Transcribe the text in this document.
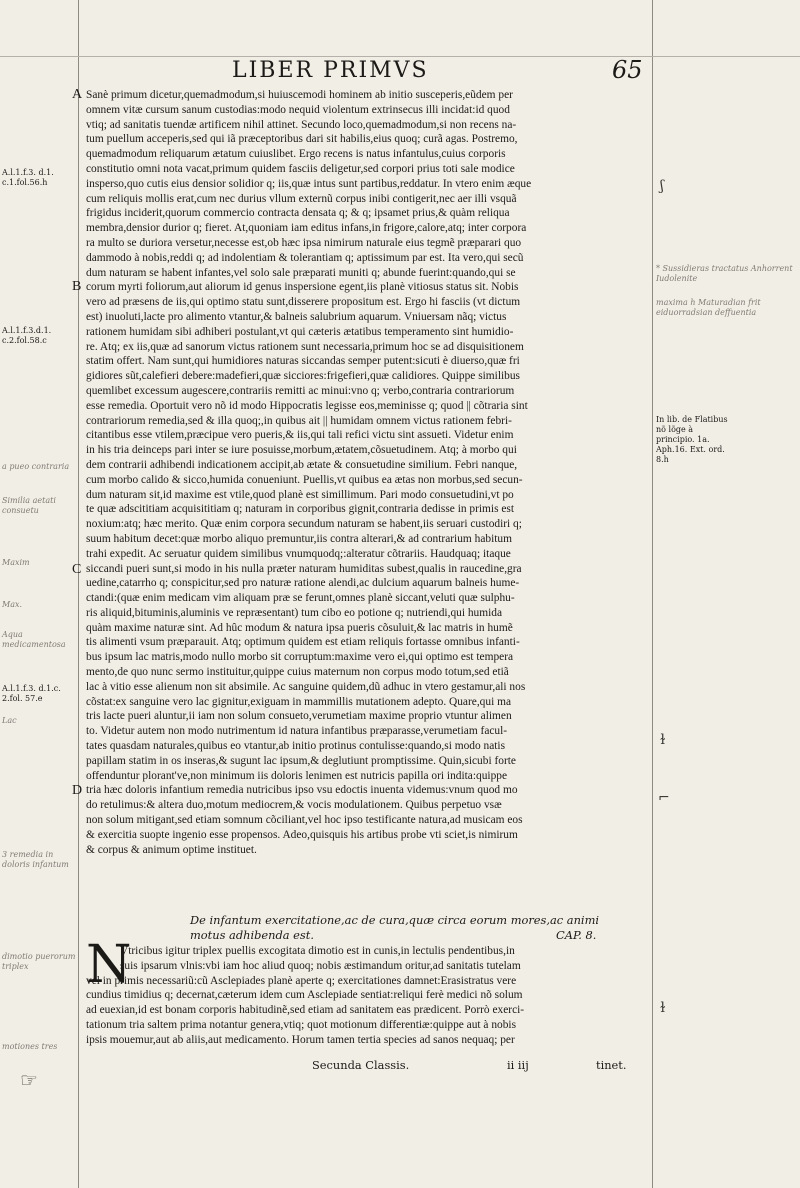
LIBER PRIMVS	65
A
B
Sanè primum dicetur,quemadmodum,si huiuscemodi hominem ab initio susceperis,eũdem per
omnem vitæ cursum sanum custodias:modo nequid violentum extrinsecus illi incidat:id quod
vtiq; ad sanitatis tuendæ artificem nihil attinet. Secundo loco,quemadmodum,si non recens na-
tum puellum acceperis,sed qui iã præceptoribus dari sit habilis,eius quoq; curã agas. Postremo,
quemadmodum reliquarum ætatum cuiuslibet. Ergo recens is natus infantulus,cuius corporis
constitutio omni nota vacat,primum quidem fasciis deligetur,sed corpori prius toti sale modice
insperso,quo cutis eius densior solidior q; iis,quæ intus sunt partibus,reddatur. In vtero enim æque
cum reliquis mollis erat,cum nec durius vllum externũ corpus inibi contigerit,nec aer illi vsquã
frigidus inciderit,quorum commercio contracta densata q; & q; ipsamet prius,& quàm reliqua
membra,densior durior q; fieret. At,quoniam iam editus infans,in frigore,calore,atq; inter corpora
ra multo se duriora versetur,necesse est,ob hæc ipsa nimirum naturale eius tegmẽ præparari quo
dammodo à nobis,reddi q; ad indolentiam & tolerantiam q; aptissimum par est. Ita vero,qui secũ
dum naturam se habent infantes,vel solo sale præparati muniti q; abunde fuerint:quando,qui se
corum myrti foliorum,aut aliorum id genus inspersione egent,iis planè vitiosus status sit. Nobis
vero ad præsens de iis,qui optimo statu sunt,disserere propositum est. Ergo hi fasciis (vt dictum
est) inuoluti,lacte pro alimento vtantur,& balneis salubrium aquarum. Vniuersam nãq; victus
rationem humidam sibi adhiberi postulant,vt qui cæteris ætatibus temperamento sint humidio-
re. Atq; ex iis,quæ ad sanorum victus rationem sunt necessaria,primum hoc se ad disquisitionem
statim offert. Nam sunt,qui humidiores naturas siccandas semper putent:sicuti è diuerso,quæ fri
gidiores sũt,calefieri debere:madefieri,quæ sicciores:frigefieri,quæ calidiores. Quippe similibus
quemlibet excessum augescere,contrariis remitti ac minui:vno q; verbo,contraria contrariorum
esse remedia. Oportuit vero nõ id modo Hippocratis legisse eos,meminisse q; quod || cõtraria sint
contrariorum remedia,sed & illa quoq;,in quibus ait || humidam omnem victus rationem febri-
citantibus esse vtilem,præcipue vero pueris,& iis,qui tali refici victu sint assueti. Videtur enim
in his tria deinceps pari inter se iure posuisse,morbum,ætatem,cõsuetudinem. Atq; à morbo qui
dem contrarii adhibendi indicationem accipit,ab ætate & consuetudine similium. Febri nanque,
cum morbo calido & sicco,humida conueniunt. Puellis,vt quibus ea ætas non morbus,sed secun-
dum naturam sit,id maxime est vtile,quod planè est simillimum. Pari modo consuetudini,vt po
te quæ adscititiam acquisititiam q; naturam in corporibus gignit,contraria dedisse in primis est
noxium:atq; hæc merito. Quæ enim corpora secundum naturam se habent,iis seruari custodiri q;
C
suum habitum decet:quæ morbo aliquo premuntur,iis contra alterari,& ad contrarium habitum
trahi expedit. Ac seruatur quidem similibus vnumquodq;:alteratur cõtrariis. Haudquaq; itaque
siccandi pueri sunt,si modo in his nulla præter naturam humiditas subest,qualis in raucedine,gra
uedine,catarrho q; conspicitur,sed pro naturæ ratione alendi,ac dulcium aquarum balneis hume-
ctandi:(quæ enim medicam vim aliquam præ se ferunt,omnes planè siccant,veluti quæ sulphu-
ris aliquid,bituminis,aluminis ve repræsentant) tum cibo eo potione q; nutriendi,qui humida
quàm maxime naturæ sint. Ad hûc modum & natura ipsa pueris cõsuluit,& lac matris in humẽ
tis alimenti vsum præparauit. Atq; optimum quidem est etiam reliquis fortasse omnibus infanti-
bus ipsum lac matris,modo nullo morbo sit corruptum:maxime vero ei,qui optimo est tempera
mento,de quo nunc sermo instituitur,quippe cuius maternum non corpus modo totum,sed etiã
lac à vitio esse alienum non sit absimile. Ac sanguine quidem,dũ adhuc in vtero gestamur,ali nos
cõstat:ex sanguine vero lac gignitur,exiguam in mammillis mutationem adepto. Quare,qui ma
tris lacte pueri aluntur,ii iam non solum consueto,verumetiam maxime proprio vtuntur alimen
to. Videtur autem non modo nutrimentum id natura infantibus præparasse,verumetiam facul-
tates quasdam naturales,quibus eo vtantur,ab initio protinus contulisse:quando,si modo natis
D
papillam statim in os inseras,& sugunt lac ipsum,& deglutiunt promptissime. Quin,sicubi forte
offenduntur plorant've,non minimum iis doloris lenimen est nutricis papilla ori indita:quippe
tria hæc doloris infantium remedia nutricibus ipso vsu edoctis inuenta videmus:vnum quod mo
do retulimus:& altera duo,motum mediocrem,& vocis modulationem. Quibus perpetuo vsæ
non solum mitigant,sed etiam somnum cõciliant,vel hoc ipso testificante natura,ad musicam eos
& exercitia suopte ingenio esse propensos. Adeo,quisquis his artibus probe vti sciet,is nimirum
& corpus & animum optime instituet.
De infantum exercitatione,ac de cura,quæ circa eorum mores,ac animi motus adhibenda est.	CAP. 8.
N
Vtricibus igitur triplex puellis excogitata dimotio est in cunis,in lectulis pendentibus,in
suis ipsarum vlnis:vbi iam hoc aliud quoq; nobis æstimandum oritur,ad sanitatis tutelam
vel in primis necessariũ:cũ Asclepiades planè aperte q; exercitationes damnet:Erasistratus vere
cundius timidius q; decernat,cæterum idem cum Asclepiade sentiat:reliqui ferè medici nõ solum
ad euexian,id est bonam corporis habitudinẽ,sed etiam ad sanitatem eas prædicent. Porrò exerci-
tationum tria saltem prima notantur genera,vtiq; quot motionum differentiæ:quippe aut à nobis
ipsis mouemur,aut ab aliis,aut medicamento. Horum tamen tertia species ad sanos nequaq; per
Secunda Classis.	ii iij	tinet.
A.l.1.f.3. d.1. c.1.fol.56.h
A.l.1.f.3.d.1. c.2.fol.58.c
A.l.1.f.3. d.1.c. 2.fol. 57.e
In lib. de Flatibus nõ lõge à principio. 1a. Aph.16. Ext. ord. 8.h
a pueo contraria
Similia aetati consuetu
Maxim
Max.
Aqua medicamentosa
Lac
3 remedia in doloris infantum
dimotio puerorum triplex
motiones tres
* Sussidieras tractatus Anhorrent Iudolenite
maxima h Maturadian frit eiduorradsian deffuentia
ʃ
ɫ
⌐
ɫ
☞
